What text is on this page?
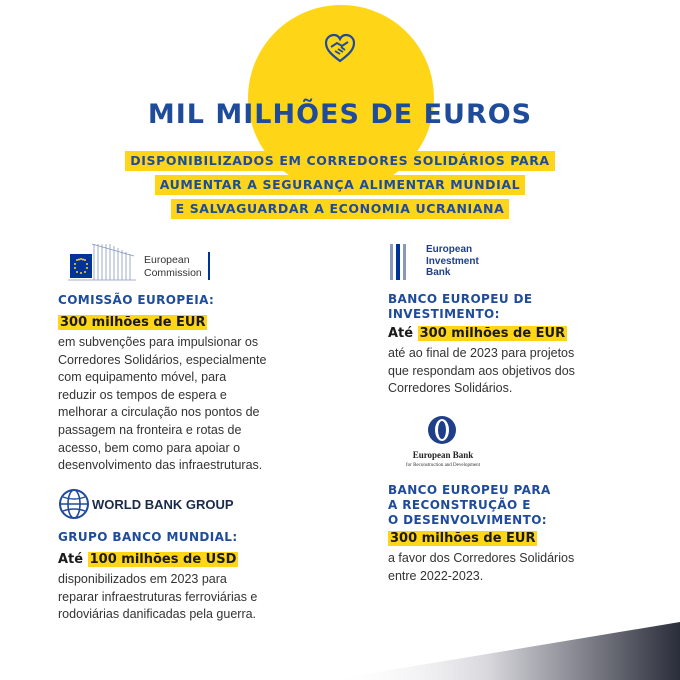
MIL MILHÕES DE EUROS
DISPONIBILIZADOS EM CORREDORES SOLIDÁRIOS PARA
AUMENTAR A SEGURANÇA ALIMENTAR MUNDIAL
E SALVAGUARDAR A ECONOMIA UCRANIANA
European
Commission
European
Investment
Bank
COMISSÃO EUROPEIA:
300 milhões de EUR
em subvenções para impulsionar os
Corredores Solidários, especialmente
com equipamento móvel, para
reduzir os tempos de espera e
melhorar a circulação nos pontos de
passagem na fronteira e rotas de
acesso, bem como para apoiar o
desenvolvimento das infraestruturas.
BANCO EUROPEU DE
INVESTIMENTO:
Até 300 milhões de EUR
até ao final de 2023 para projetos
que respondam aos objetivos dos
Corredores Solidários.
European Bank
for Reconstruction and Development
WORLD BANK GROUP
GRUPO BANCO MUNDIAL:
Até 100 milhões de USD
disponibilizados em 2023 para
reparar infraestruturas ferroviárias e
rodoviárias danificadas pela guerra.
BANCO EUROPEU PARA
A RECONSTRUÇÃO E
O DESENVOLVIMENTO:
300 milhões de EUR
a favor dos Corredores Solidários
entre 2022-2023.
